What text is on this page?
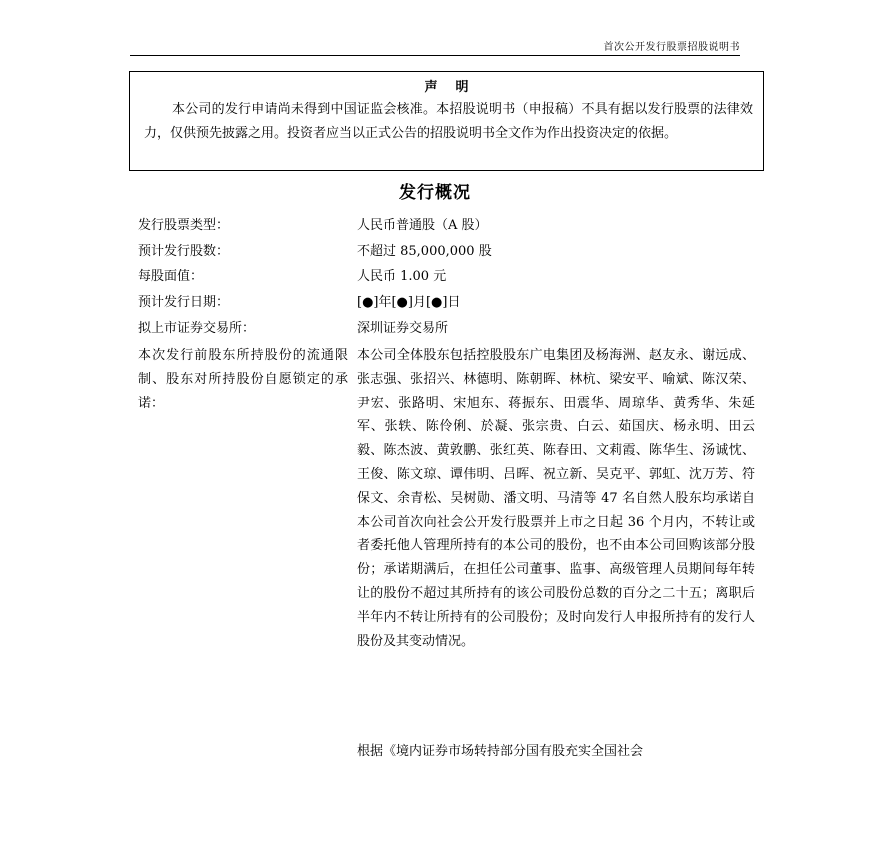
首次公开发行股票招股说明书
声明
本公司的发行申请尚未得到中国证监会核准。本招股说明书（申报稿）不具有据以发行股票的法律效力，仅供预先披露之用。投资者应当以正式公告的招股说明书全文作为作出投资决定的依据。
发行概况
发行股票类型：	人民币普通股（A 股）
预计发行股数：	不超过 85,000,000 股
每股面值：	人民币 1.00 元
预计发行日期：	[●]年[●]月[●]日
拟上市证券交易所：	深圳证券交易所
本次发行前股东所持股份的流通限制、股东对所持股份自愿锁定的承诺：
本公司全体股东包括控股股东广电集团及杨海洲、赵友永、谢远成、张志强、张招兴、林德明、陈朝晖、林杭、梁安平、喻斌、陈汉荣、尹宏、张路明、宋旭东、蒋振东、田震华、周琼华、黄秀华、朱延军、张轶、陈伶俐、於凝、张宗贵、白云、茹国庆、杨永明、田云毅、陈杰波、黄敦鹏、张红英、陈春田、文莉霞、陈华生、汤诚忱、王俊、陈文琼、谭伟明、吕晖、祝立新、吴克平、郭虹、沈万芳、符保文、余青松、吴树勋、潘文明、马清等 47 名自然人股东均承诺自本公司首次向社会公开发行股票并上市之日起 36 个月内，不转让或者委托他人管理所持有的本公司的股份，也不由本公司回购该部分股份；承诺期满后，在担任公司董事、监事、高级管理人员期间每年转让的股份不超过其所持有的该公司股份总数的百分之二十五；离职后半年内不转让所持有的公司股份；及时向发行人申报所持有的发行人股份及其变动情况。
根据《境内证券市场转持部分国有股充实全国社会
